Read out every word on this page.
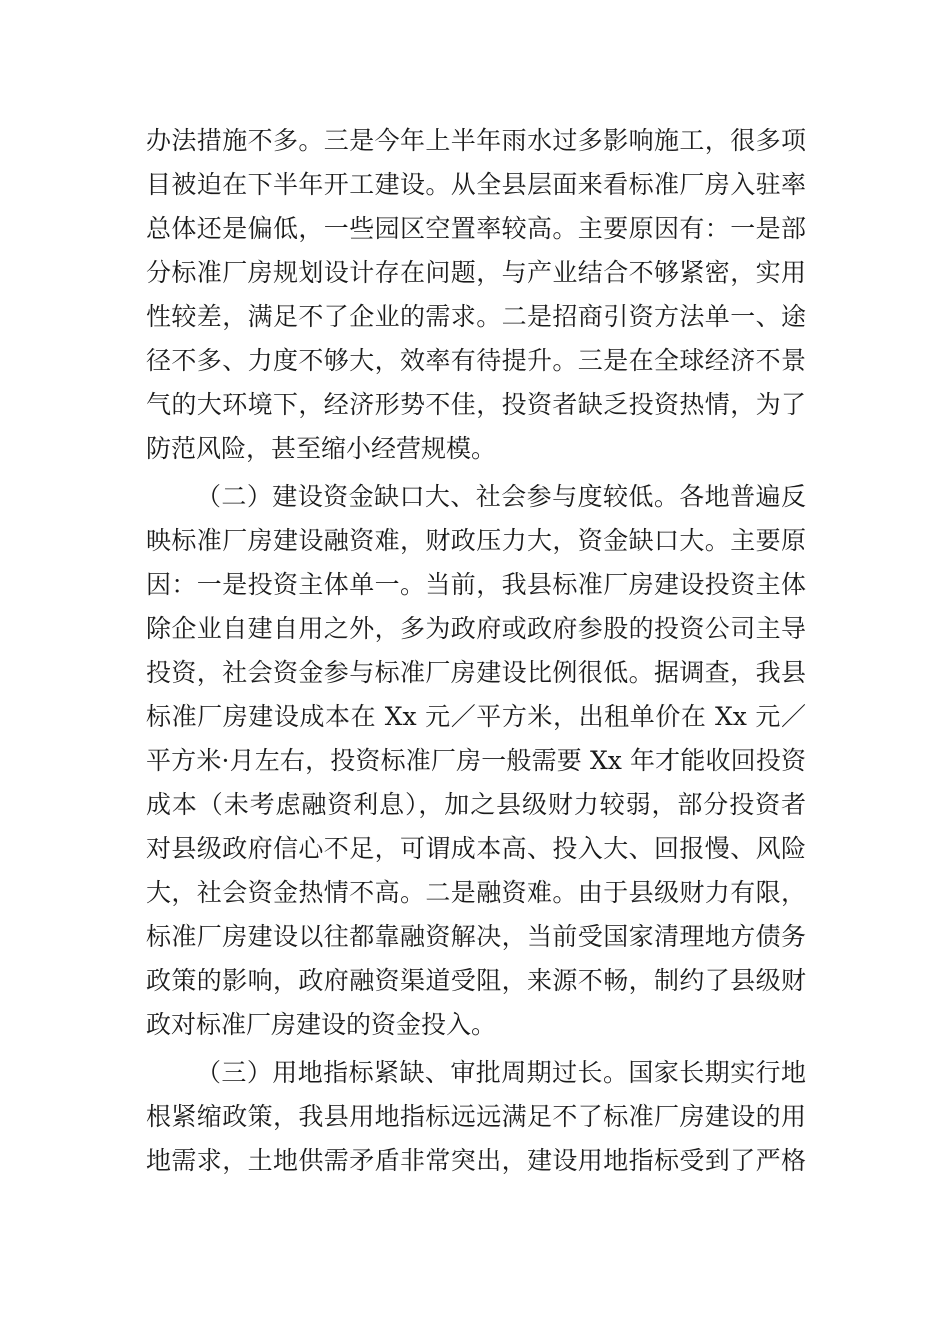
办法措施不多。三是今年上半年雨水过多影响施工，很多项
目被迫在下半年开工建设。从全县层面来看标准厂房入驻率
总体还是偏低，一些园区空置率较高。主要原因有：一是部
分标准厂房规划设计存在问题，与产业结合不够紧密，实用
性较差，满足不了企业的需求。二是招商引资方法单一、途
径不多、力度不够大，效率有待提升。三是在全球经济不景
气的大环境下，经济形势不佳，投资者缺乏投资热情，为了
防范风险，甚至缩小经营规模。
（二）建设资金缺口大、社会参与度较低。各地普遍反
映标准厂房建设融资难，财政压力大，资金缺口大。主要原
因：一是投资主体单一。当前，我县标准厂房建设投资主体
除企业自建自用之外，多为政府或政府参股的投资公司主导
投资，社会资金参与标准厂房建设比例很低。据调查，我县
标准厂房建设成本在 Xx 元／平方米，出租单价在 Xx 元／
平方米·月左右，投资标准厂房一般需要 Xx 年才能收回投资
成本（未考虑融资利息），加之县级财力较弱，部分投资者
对县级政府信心不足，可谓成本高、投入大、回报慢、风险
大，社会资金热情不高。二是融资难。由于县级财力有限，
标准厂房建设以往都靠融资解决，当前受国家清理地方债务
政策的影响，政府融资渠道受阻，来源不畅，制约了县级财
政对标准厂房建设的资金投入。
（三）用地指标紧缺、审批周期过长。国家长期实行地
根紧缩政策，我县用地指标远远满足不了标准厂房建设的用
地需求，土地供需矛盾非常突出，建设用地指标受到了严格
